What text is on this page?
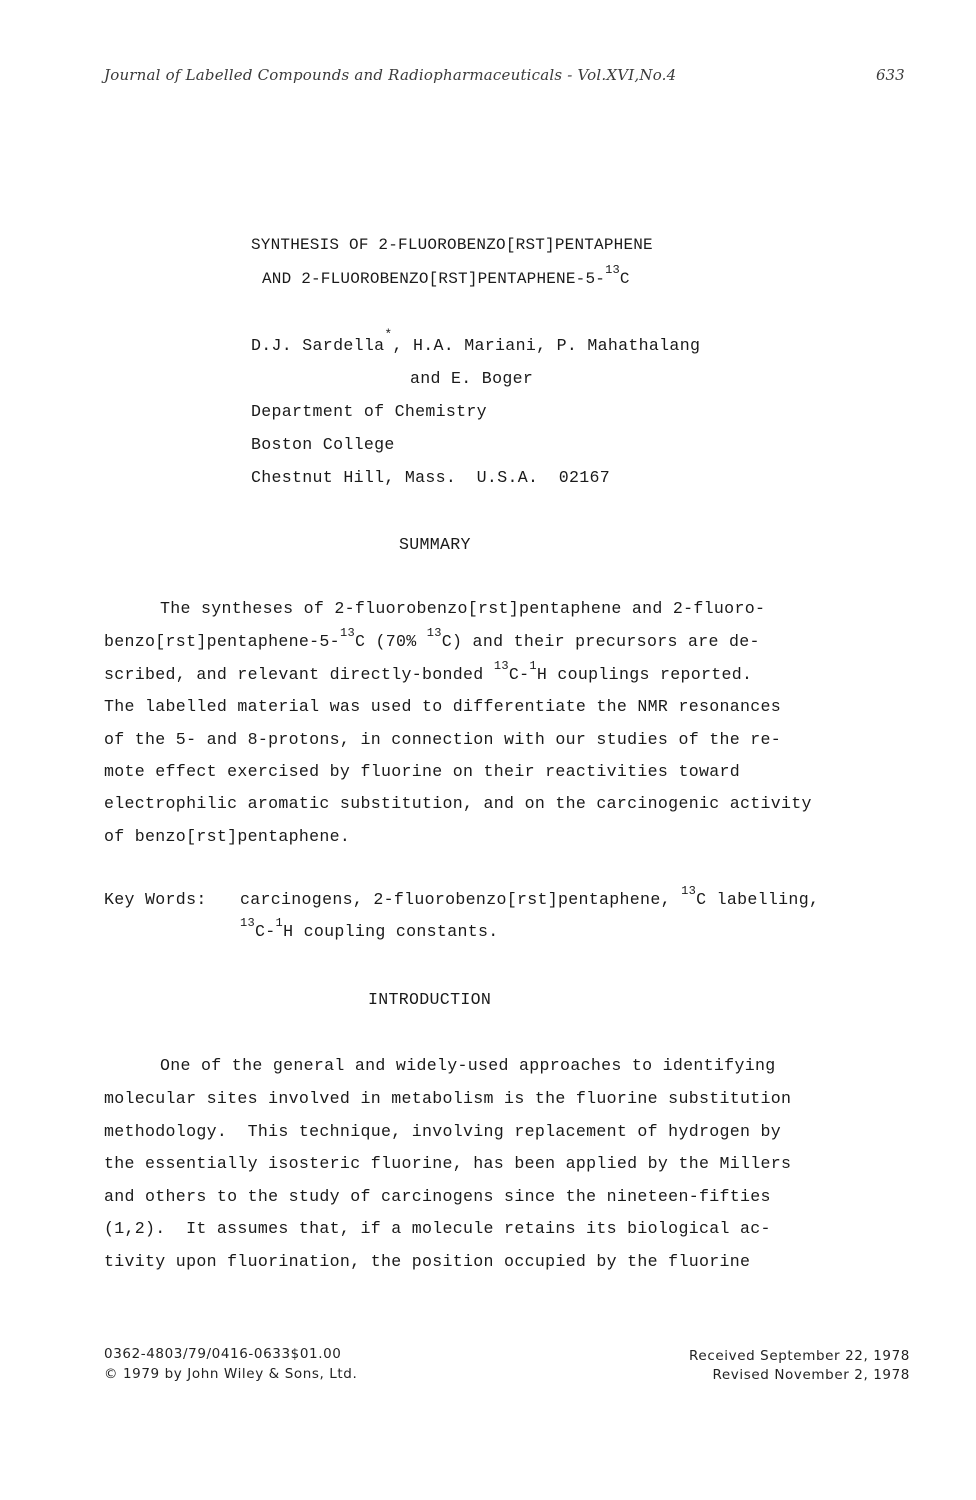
Journal of Labelled Compounds and Radiopharmaceuticals - Vol.XVI,No.4	633
SYNTHESIS OF 2-FLUOROBENZO[RST]PENTAPHENE
AND 2-FLUOROBENZO[RST]PENTAPHENE-5-$^{13}$C
D.J. Sardella*, H.A. Mariani, P. Mahathalang
and E. Boger
Department of Chemistry
Boston College
Chestnut Hill, Mass.  U.S.A.  02167
SUMMARY
The syntheses of 2-fluorobenzo[rst]pentaphene and 2-fluoro-
benzo[rst]pentaphene-5-$^{13}$C (70% $^{13}$C) and their precursors are de-
scribed, and relevant directly-bonded $^{13}$C-$^1$H couplings reported.
The labelled material was used to differentiate the NMR resonances
of the 5- and 8-protons, in connection with our studies of the re-
mote effect exercised by fluorine on their reactivities toward
electrophilic aromatic substitution, and on the carcinogenic activity
of benzo[rst]pentaphene.
Key Words: carcinogens, 2-fluorobenzo[rst]pentaphene, $^{13}$C labelling,
$^{13}$C-$^1$H coupling constants.
INTRODUCTION
One of the general and widely-used approaches to identifying
molecular sites involved in metabolism is the fluorine substitution
methodology.  This technique, involving replacement of hydrogen by
the essentially isosteric fluorine, has been applied by the Millers
and others to the study of carcinogens since the nineteen-fifties
(1,2).  It assumes that, if a molecule retains its biological ac-
tivity upon fluorination, the position occupied by the fluorine
0362-4803/79/0416-0633$01.00
© 1979 by John Wiley & Sons, Ltd.
Received September 22, 1978
Revised November 2, 1978
